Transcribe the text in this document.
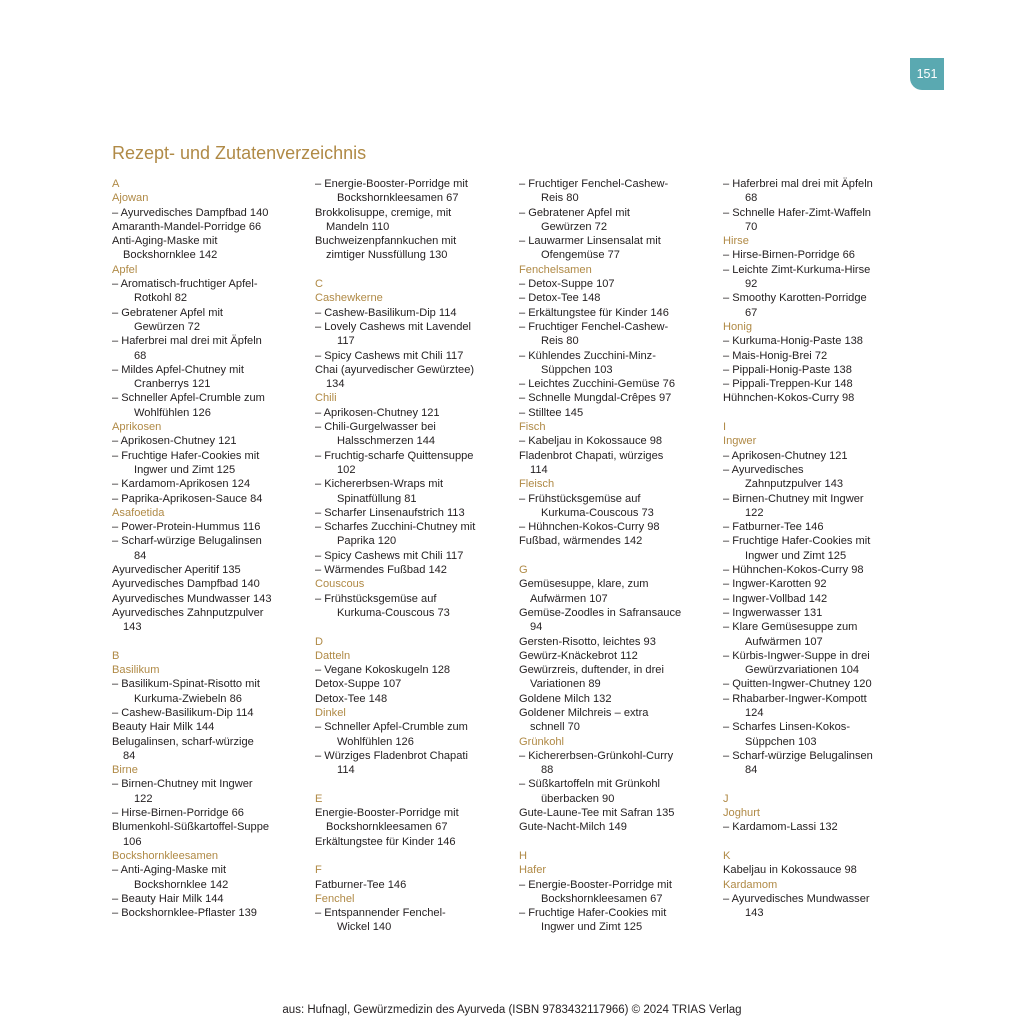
151
Rezept- und Zutatenverzeichnis
A
Ajowan
– Ayurvedisches Dampfbad 140
Amaranth-Mandel-Porridge 66
Anti-Aging-Maske mit
Bockshornklee 142
Apfel
– Aromatisch-fruchtiger Apfel-
Rotkohl 82
– Gebratener Apfel mit
Gewürzen 72
– Haferbrei mal drei mit Äpfeln
68
– Mildes Apfel-Chutney mit
Cranberrys 121
– Schneller Apfel-Crumble zum
Wohlfühlen 126
Aprikosen
– Aprikosen-Chutney 121
– Fruchtige Hafer-Cookies mit
Ingwer und Zimt 125
– Kardamom-Aprikosen 124
– Paprika-Aprikosen-Sauce 84
Asafoetida
– Power-Protein-Hummus 116
– Scharf-würzige Belugalinsen
84
Ayurvedischer Aperitif 135
Ayurvedisches Dampfbad 140
Ayurvedisches Mundwasser 143
Ayurvedisches Zahnputzpulver
143
B
Basilikum
– Basilikum-Spinat-Risotto mit
Kurkuma-Zwiebeln 86
– Cashew-Basilikum-Dip 114
Beauty Hair Milk 144
Belugalinsen, scharf-würzige
84
Birne
– Birnen-Chutney mit Ingwer
122
– Hirse-Birnen-Porridge 66
Blumenkohl-Süßkartoffel-Suppe
106
Bockshornkleesamen
– Anti-Aging-Maske mit
Bockshornklee 142
– Beauty Hair Milk 144
– Bockshornklee-Pflaster 139
– Energie-Booster-Porridge mit
Bockshornkleesamen 67
Brokkolisuppe, cremige, mit
Mandeln 110
Buchweizenpfannkuchen mit
zimtiger Nussfüllung 130
C
Cashewkerne
– Cashew-Basilikum-Dip 114
– Lovely Cashews mit Lavendel
117
– Spicy Cashews mit Chili 117
Chai (ayurvedischer Gewürztee)
134
Chili
– Aprikosen-Chutney 121
– Chili-Gurgelwasser bei
Halsschmerzen 144
– Fruchtig-scharfe Quittensuppe
102
– Kichererbsen-Wraps mit
Spinatfüllung 81
– Scharfer Linsenaufstrich 113
– Scharfes Zucchini-Chutney mit
Paprika 120
– Spicy Cashews mit Chili 117
– Wärmendes Fußbad 142
Couscous
– Frühstücksgemüse auf
Kurkuma-Couscous 73
D
Datteln
– Vegane Kokoskugeln 128
Detox-Suppe 107
Detox-Tee 148
Dinkel
– Schneller Apfel-Crumble zum
Wohlfühlen 126
– Würziges Fladenbrot Chapati
114
E
Energie-Booster-Porridge mit
Bockshornkleesamen 67
Erkältungstee für Kinder 146
F
Fatburner-Tee 146
Fenchel
– Entspannender Fenchel-
Wickel 140
– Fruchtiger Fenchel-Cashew-
Reis 80
– Gebratener Apfel mit
Gewürzen 72
– Lauwarmer Linsensalat mit
Ofengemüse 77
Fenchelsamen
– Detox-Suppe 107
– Detox-Tee 148
– Erkältungstee für Kinder 146
– Fruchtiger Fenchel-Cashew-
Reis 80
– Kühlendes Zucchini-Minz-
Süppchen 103
– Leichtes Zucchini-Gemüse 76
– Schnelle Mungdal-Crêpes 97
– Stilltee 145
Fisch
– Kabeljau in Kokossauce 98
Fladenbrot Chapati, würziges
114
Fleisch
– Frühstücksgemüse auf
Kurkuma-Couscous 73
– Hühnchen-Kokos-Curry 98
Fußbad, wärmendes 142
G
Gemüsesuppe, klare, zum
Aufwärmen 107
Gemüse-Zoodles in Safransauce
94
Gersten-Risotto, leichtes 93
Gewürz-Knäckebrot 112
Gewürzreis, duftender, in drei
Variationen 89
Goldene Milch 132
Goldener Milchreis – extra
schnell 70
Grünkohl
– Kichererbsen-Grünkohl-Curry
88
– Süßkartoffeln mit Grünkohl
überbacken 90
Gute-Laune-Tee mit Safran 135
Gute-Nacht-Milch 149
H
Hafer
– Energie-Booster-Porridge mit
Bockshornkleesamen 67
– Fruchtige Hafer-Cookies mit
Ingwer und Zimt 125
– Haferbrei mal drei mit Äpfeln
68
– Schnelle Hafer-Zimt-Waffeln
70
Hirse
– Hirse-Birnen-Porridge 66
– Leichte Zimt-Kurkuma-Hirse
92
– Smoothy Karotten-Porridge
67
Honig
– Kurkuma-Honig-Paste 138
– Mais-Honig-Brei 72
– Pippali-Honig-Paste 138
– Pippali-Treppen-Kur 148
Hühnchen-Kokos-Curry 98
I
Ingwer
– Aprikosen-Chutney 121
– Ayurvedisches
Zahnputzpulver 143
– Birnen-Chutney mit Ingwer
122
– Fatburner-Tee 146
– Fruchtige Hafer-Cookies mit
Ingwer und Zimt 125
– Hühnchen-Kokos-Curry 98
– Ingwer-Karotten 92
– Ingwer-Vollbad 142
– Ingwerwasser 131
– Klare Gemüsesuppe zum
Aufwärmen 107
– Kürbis-Ingwer-Suppe in drei
Gewürzvariationen 104
– Quitten-Ingwer-Chutney 120
– Rhabarber-Ingwer-Kompott
124
– Scharfes Linsen-Kokos-
Süppchen 103
– Scharf-würzige Belugalinsen
84
J
Joghurt
– Kardamom-Lassi 132
K
Kabeljau in Kokossauce 98
Kardamom
– Ayurvedisches Mundwasser
143
aus: Hufnagl, Gewürzmedizin des Ayurveda (ISBN 9783432117966) © 2024 TRIAS Verlag
